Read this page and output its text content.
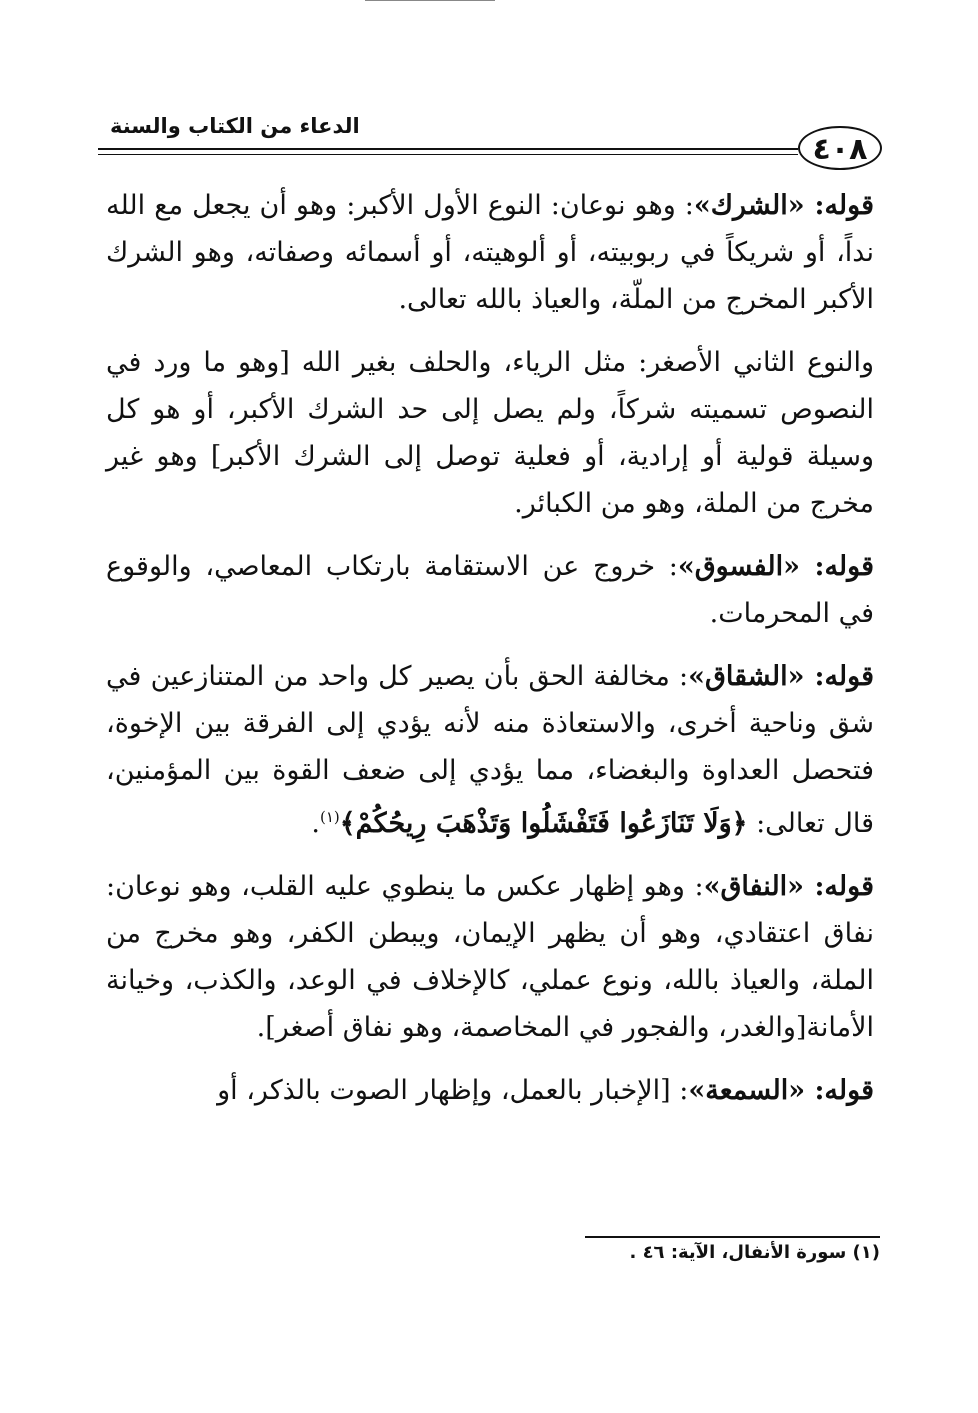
الدعاء من الكتاب والسنة
٤٠٨

قوله: «الشرك»: وهو نوعان: النوع الأول الأكبر: وهو أن يجعل مع الله نداً، أو شريكاً في ربوبيته، أو ألوهيته، أو أسمائه وصفاته، وهو الشرك الأكبر المخرج من الملّة، والعياذ بالله تعالى.

والنوع الثاني الأصغر: مثل الرياء، والحلف بغير الله [وهو ما ورد في النصوص تسميته شركاً، ولم يصل إلى حد الشرك الأكبر، أو هو كل وسيلة قولية أو إرادية، أو فعلية توصل إلى الشرك الأكبر] وهو غير مخرج من الملة، وهو من الكبائر.

قوله: «الفسوق»: خروج عن الاستقامة بارتكاب المعاصي، والوقوع في المحرمات.

قوله: «الشقاق»: مخالفة الحق بأن يصير كل واحد من المتنازعين في شق وناحية أخرى، والاستعاذة منه لأنه يؤدي إلى الفرقة بين الإخوة، فتحصل العداوة والبغضاء، مما يؤدي إلى ضعف القوة بين المؤمنين، قال تعالى: ﴿وَلَا تَنَازَعُوا فَتَفْشَلُوا وَتَذْهَبَ رِيحُكُمْ﴾$^{(١)}$.

قوله: «النفاق»: وهو إظهار عكس ما ينطوي عليه القلب، وهو نوعان: نفاق اعتقادي، وهو أن يظهر الإيمان، ويبطن الكفر، وهو مخرج من الملة، والعياذ بالله، ونوع عملي، كالإخلاف في الوعد، والكذب، وخيانة الأمانة[والغدر، والفجور في المخاصمة، وهو نفاق أصغر].

قوله: «السمعة»: [الإخبار بالعمل، وإظهار الصوت بالذكر، أو

(١) سورة الأنفال، الآية: ٤٦ .
